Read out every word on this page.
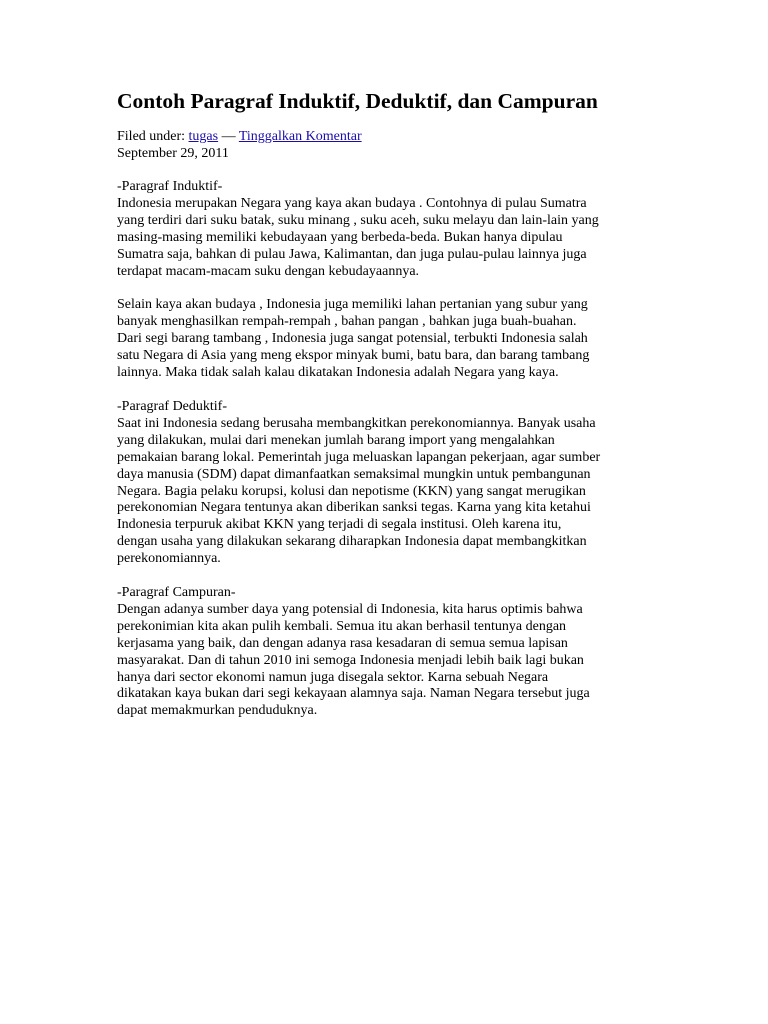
Contoh Paragraf Induktif, Deduktif, dan Campuran
Filed under: tugas — Tinggalkan Komentar
September 29, 2011
-Paragraf Induktif-
Indonesia merupakan Negara yang kaya akan budaya . Contohnya di pulau Sumatra
yang terdiri dari suku batak, suku minang , suku aceh, suku melayu dan lain-lain yang
masing-masing memiliki kebudayaan yang berbeda-beda. Bukan hanya dipulau
Sumatra saja, bahkan di pulau Jawa, Kalimantan, dan juga pulau-pulau lainnya juga
terdapat macam-macam suku dengan kebudayaannya.
Selain kaya akan budaya , Indonesia juga memiliki lahan pertanian yang subur yang
banyak menghasilkan rempah-rempah , bahan pangan , bahkan juga buah-buahan.
Dari segi barang tambang , Indonesia juga sangat potensial, terbukti Indonesia salah
satu Negara di Asia yang meng ekspor minyak bumi, batu bara, dan barang tambang
lainnya. Maka tidak salah kalau dikatakan Indonesia adalah Negara yang kaya.
-Paragraf Deduktif-
Saat ini Indonesia sedang berusaha membangkitkan perekonomiannya. Banyak usaha
yang dilakukan, mulai dari menekan jumlah barang import yang mengalahkan
pemakaian barang lokal. Pemerintah juga meluaskan lapangan pekerjaan, agar sumber
daya manusia (SDM) dapat dimanfaatkan semaksimal mungkin untuk pembangunan
Negara. Bagia pelaku korupsi, kolusi dan nepotisme (KKN) yang sangat merugikan
perekonomian Negara tentunya akan diberikan sanksi tegas. Karna yang kita ketahui
Indonesia terpuruk akibat KKN yang terjadi di segala institusi. Oleh karena itu,
dengan usaha yang dilakukan sekarang diharapkan Indonesia dapat membangkitkan
perekonomiannya.
-Paragraf Campuran-
Dengan adanya sumber daya yang potensial di Indonesia, kita harus optimis bahwa
perekonimian kita akan pulih kembali. Semua itu akan berhasil tentunya dengan
kerjasama yang baik, dan dengan adanya rasa kesadaran di semua semua lapisan
masyarakat. Dan di tahun 2010 ini semoga Indonesia menjadi lebih baik lagi bukan
hanya dari sector ekonomi namun juga disegala sektor. Karna sebuah Negara
dikatakan kaya bukan dari segi kekayaan alamnya saja. Naman Negara tersebut juga
dapat memakmurkan penduduknya.
